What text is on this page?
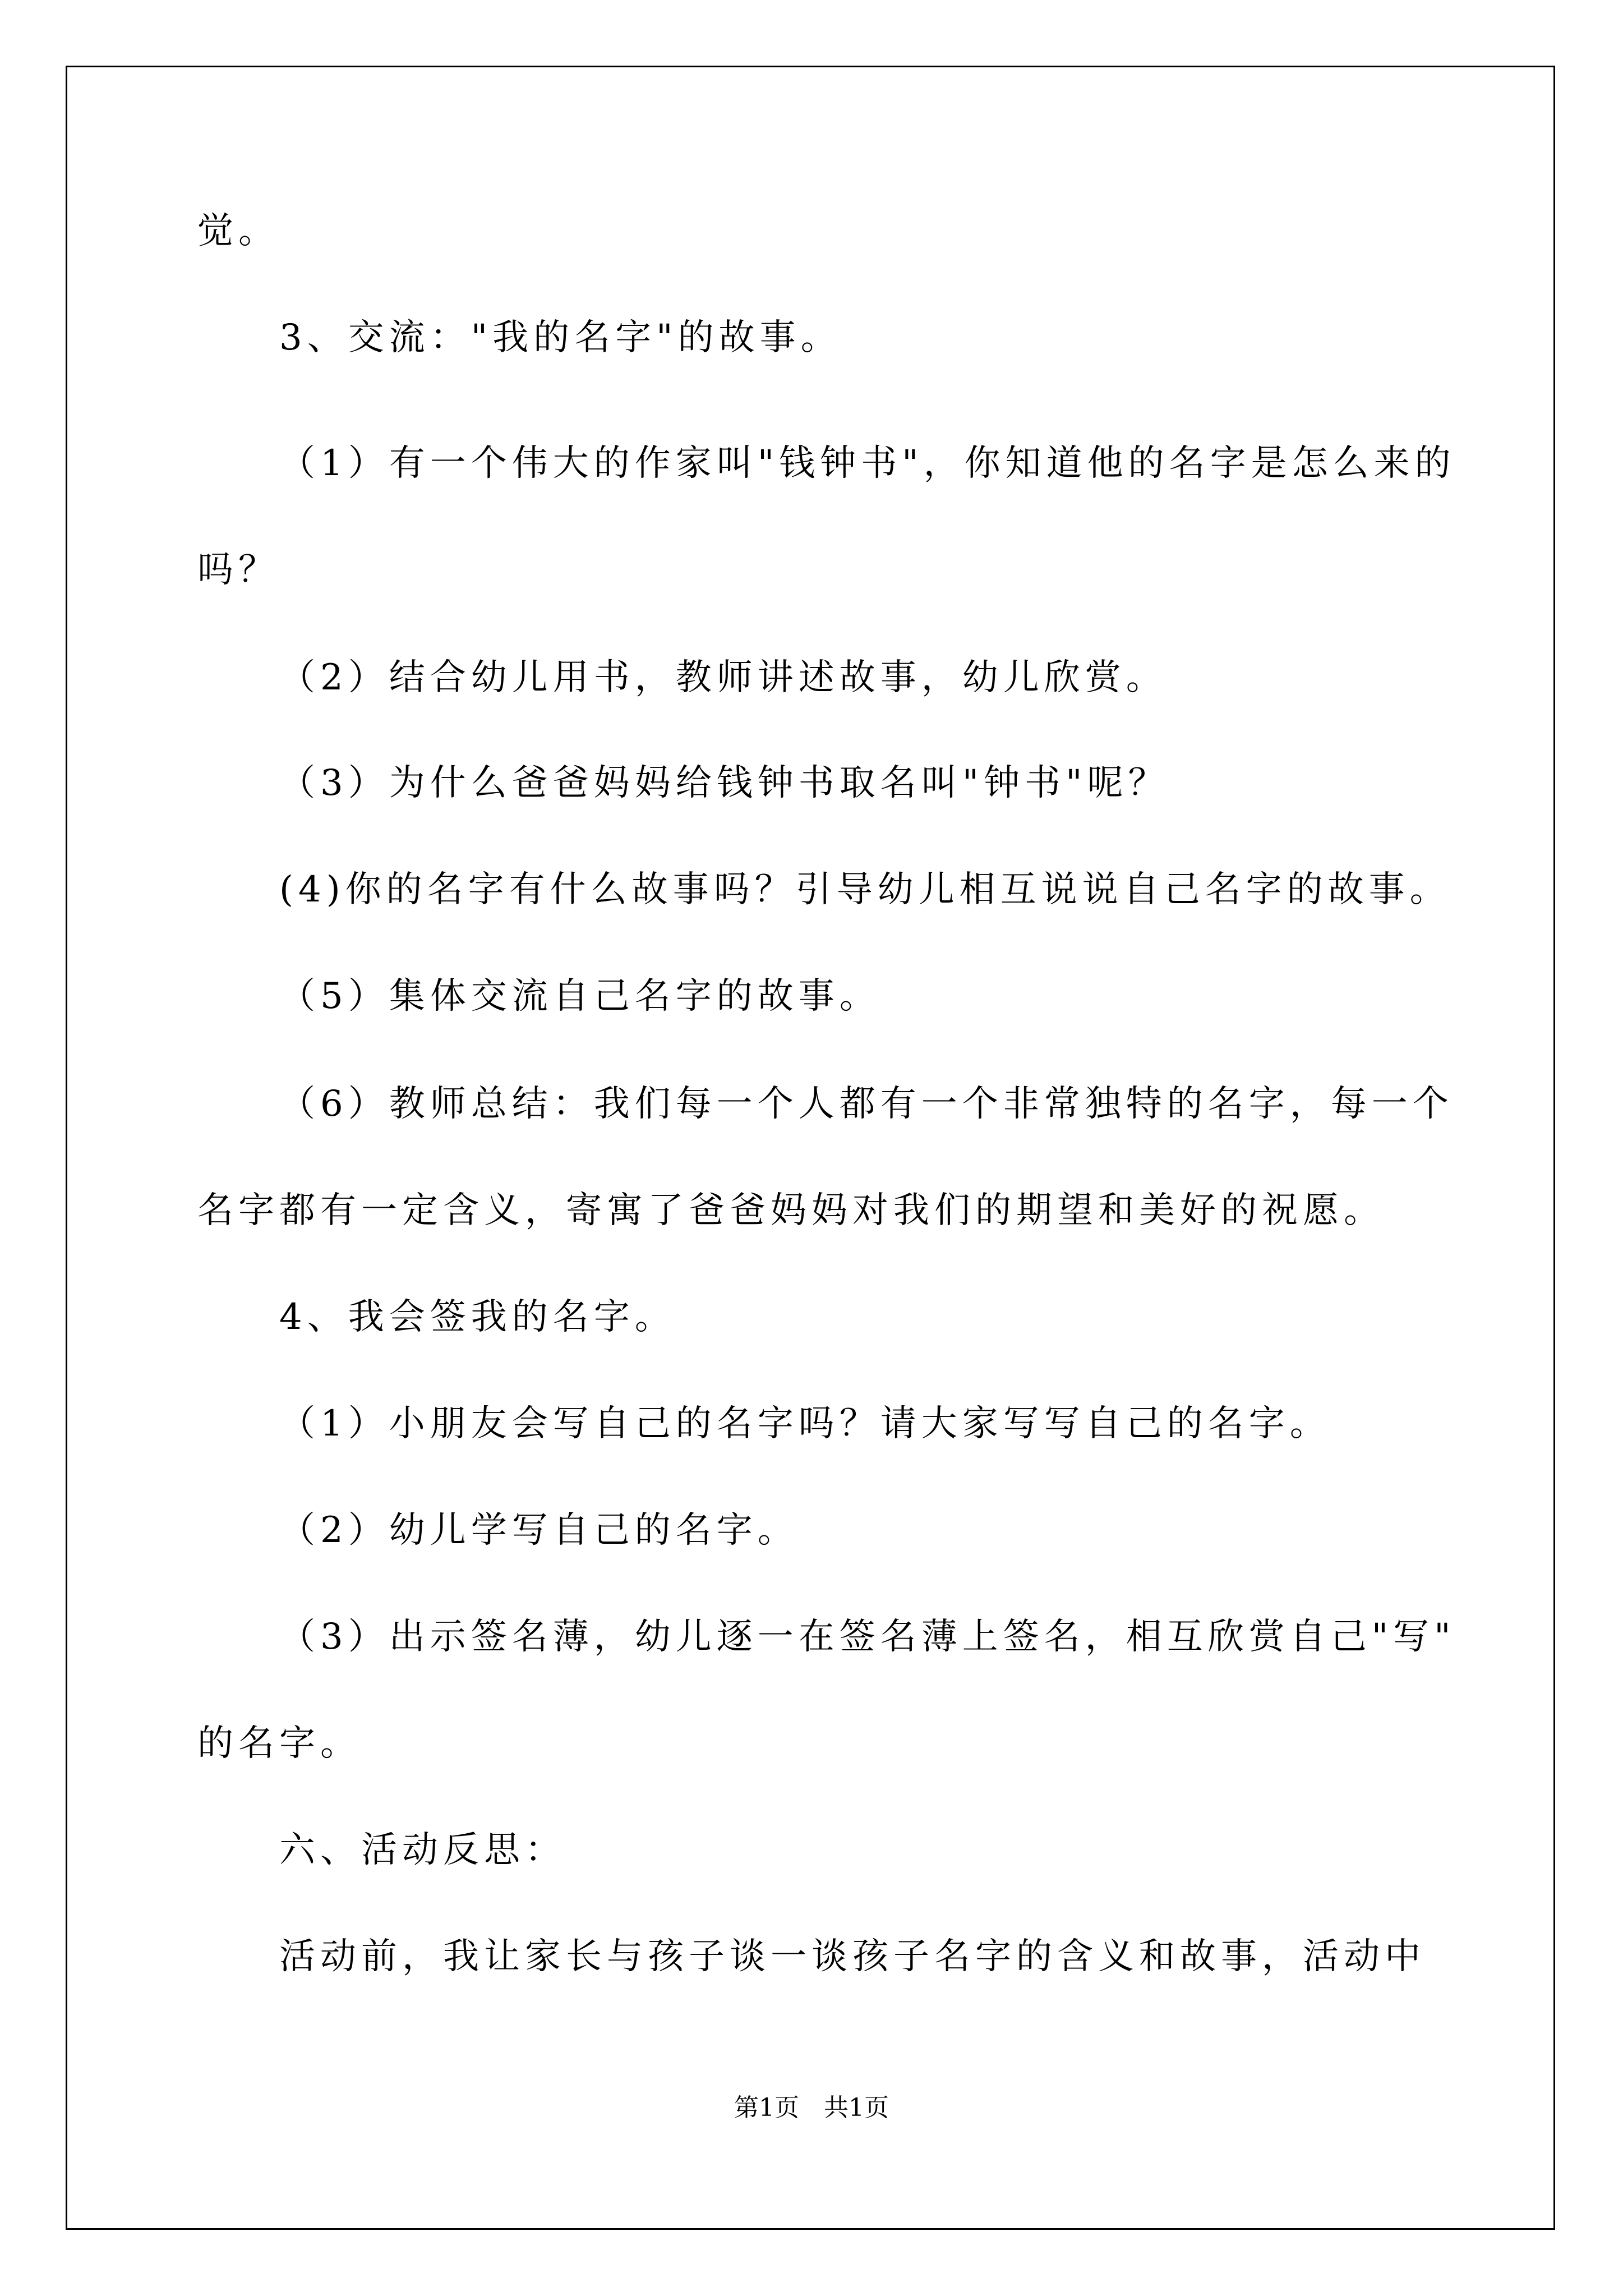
觉。
3、交流："我的名字"的故事。
（1）有一个伟大的作家叫"钱钟书"，你知道他的名字是怎么来的
吗？
（2）结合幼儿用书，教师讲述故事，幼儿欣赏。
（3）为什么爸爸妈妈给钱钟书取名叫"钟书"呢？
(4)你的名字有什么故事吗？引导幼儿相互说说自己名字的故事。
（5）集体交流自己名字的故事。
（6）教师总结：我们每一个人都有一个非常独特的名字，每一个
名字都有一定含义，寄寓了爸爸妈妈对我们的期望和美好的祝愿。
4、我会签我的名字。
（1）小朋友会写自己的名字吗？请大家写写自己的名字。
（2）幼儿学写自己的名字。
（3）出示签名薄，幼儿逐一在签名薄上签名，相互欣赏自己"写"
的名字。
六、活动反思：
活动前，我让家长与孩子谈一谈孩子名字的含义和故事，活动中
第1页 共1页
